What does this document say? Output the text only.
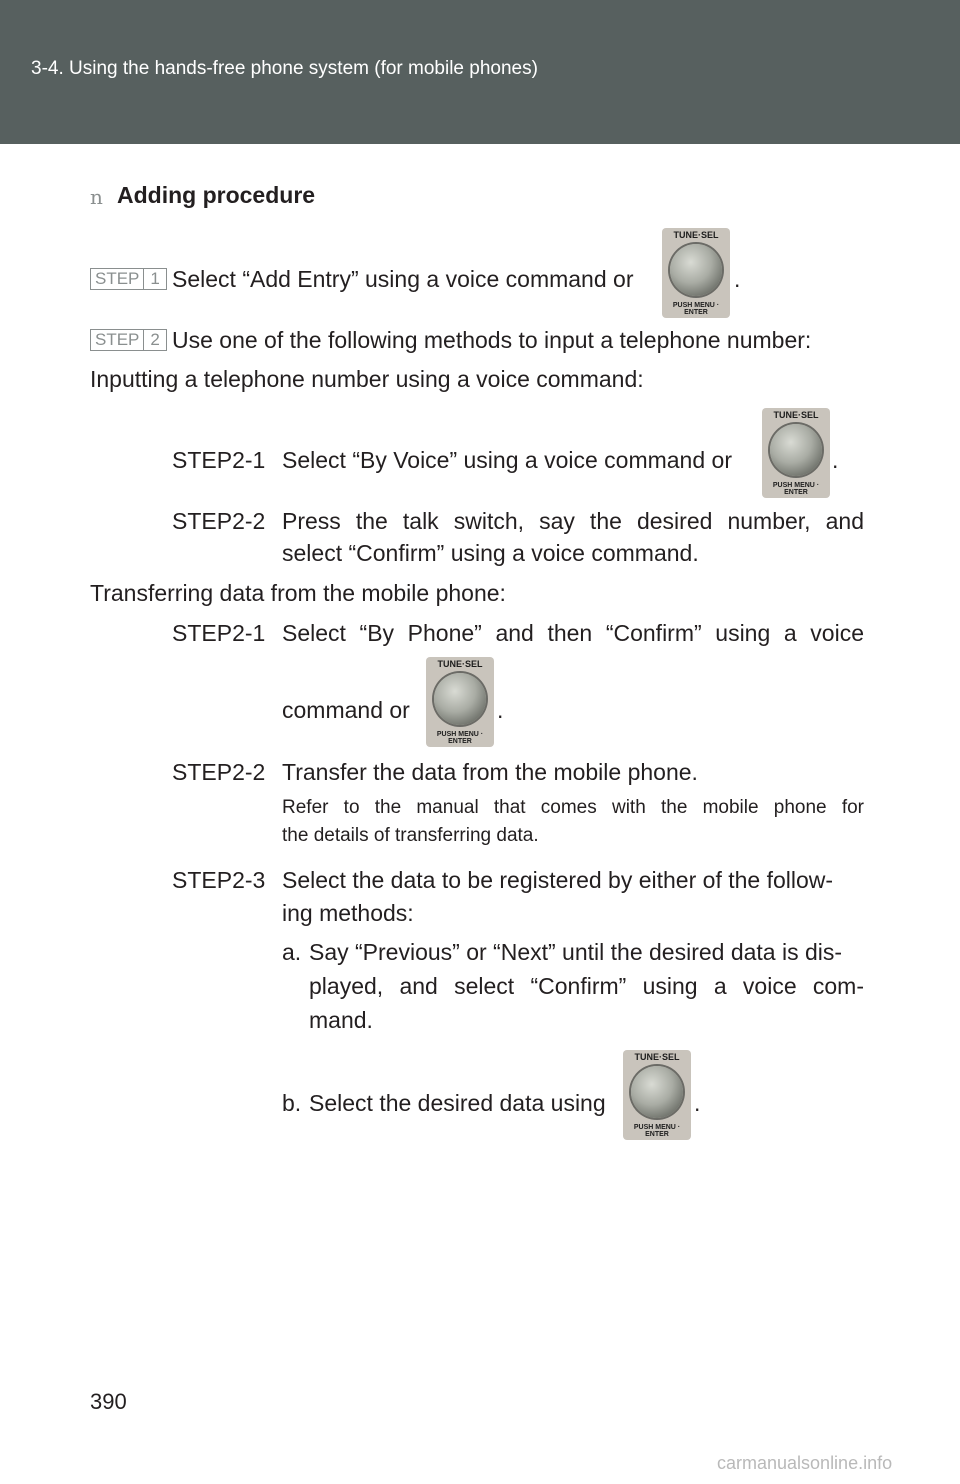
3-4. Using the hands-free phone system (for mobile phones)
n Adding procedure
STEP 1 Select “Add Entry” using a voice command or
TUNE·SEL
PUSH MENU · ENTER
.
STEP 2 Use one of the following methods to input a telephone number:
Inputting a telephone number using a voice command:
STEP2-1 Select “By Voice” using a voice command or
TUNE·SEL
PUSH MENU · ENTER
.
STEP2-2 Press the talk switch, say the desired number, and
select “Confirm” using a voice command.
Transferring data from the mobile phone:
STEP2-1 Select “By Phone” and then “Confirm” using a voice
command or
TUNE·SEL
PUSH MENU · ENTER
.
STEP2-2 Transfer the data from the mobile phone.
Refer to the manual that comes with the mobile phone for
the details of transferring data.
STEP2-3 Select the data to be registered by either of the follow-
ing methods:
a. Say “Previous” or “Next” until the desired data is dis-
played, and select “Confirm” using a voice com-
mand.
b. Select the desired data using
TUNE·SEL
PUSH MENU · ENTER
.
390
carmanualsonline.info
